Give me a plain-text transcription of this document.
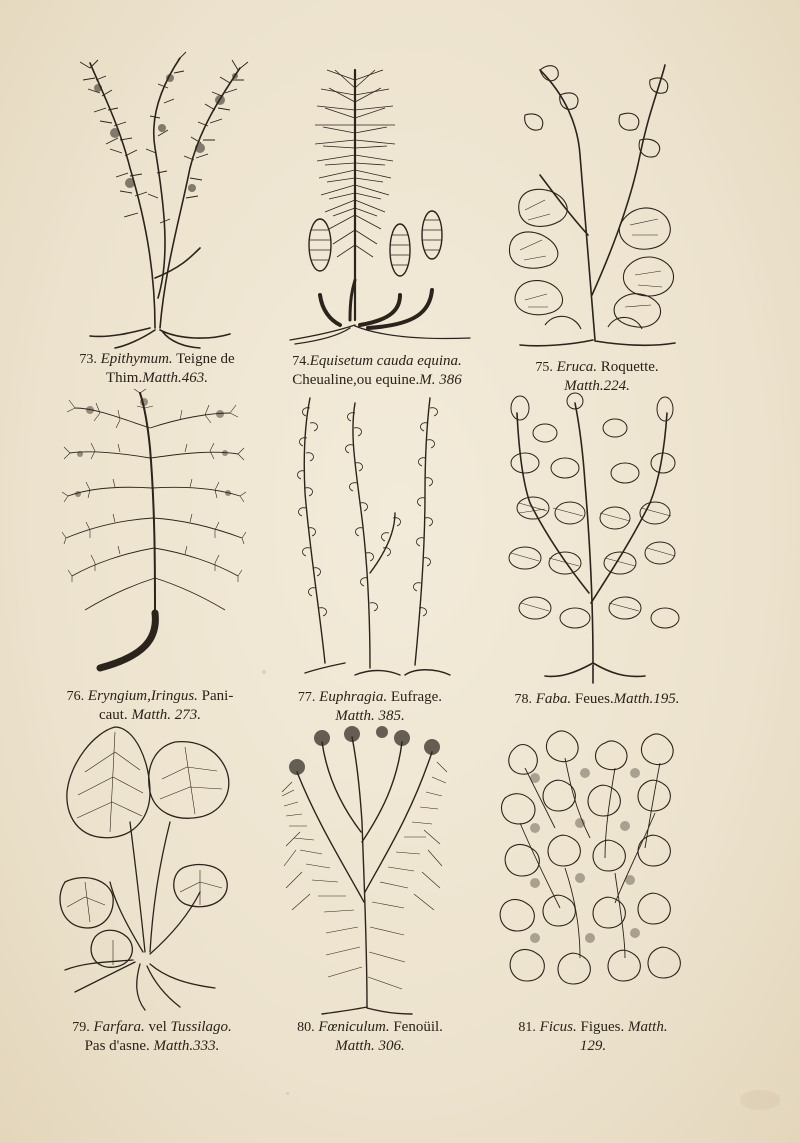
73. Epithymum. Teigne de
Thim.Matth.463.
74.Equisetum cauda equina.
Cheualine,ou equine.M. 386
75. Eruca. Roquette.
Matth.224.
76. Eryngium,Iringus. Pani-
caut. Matth. 273.
77. Euphragia. Eufrage.
Matth. 385.
78. Faba. Feues.Matth.195.
79. Farfara. vel Tussilago.
Pas d'asne. Matth.333.
80. Fœniculum. Fenoüil.
Matth. 306.
81. Ficus. Figues. Matth.
129.
